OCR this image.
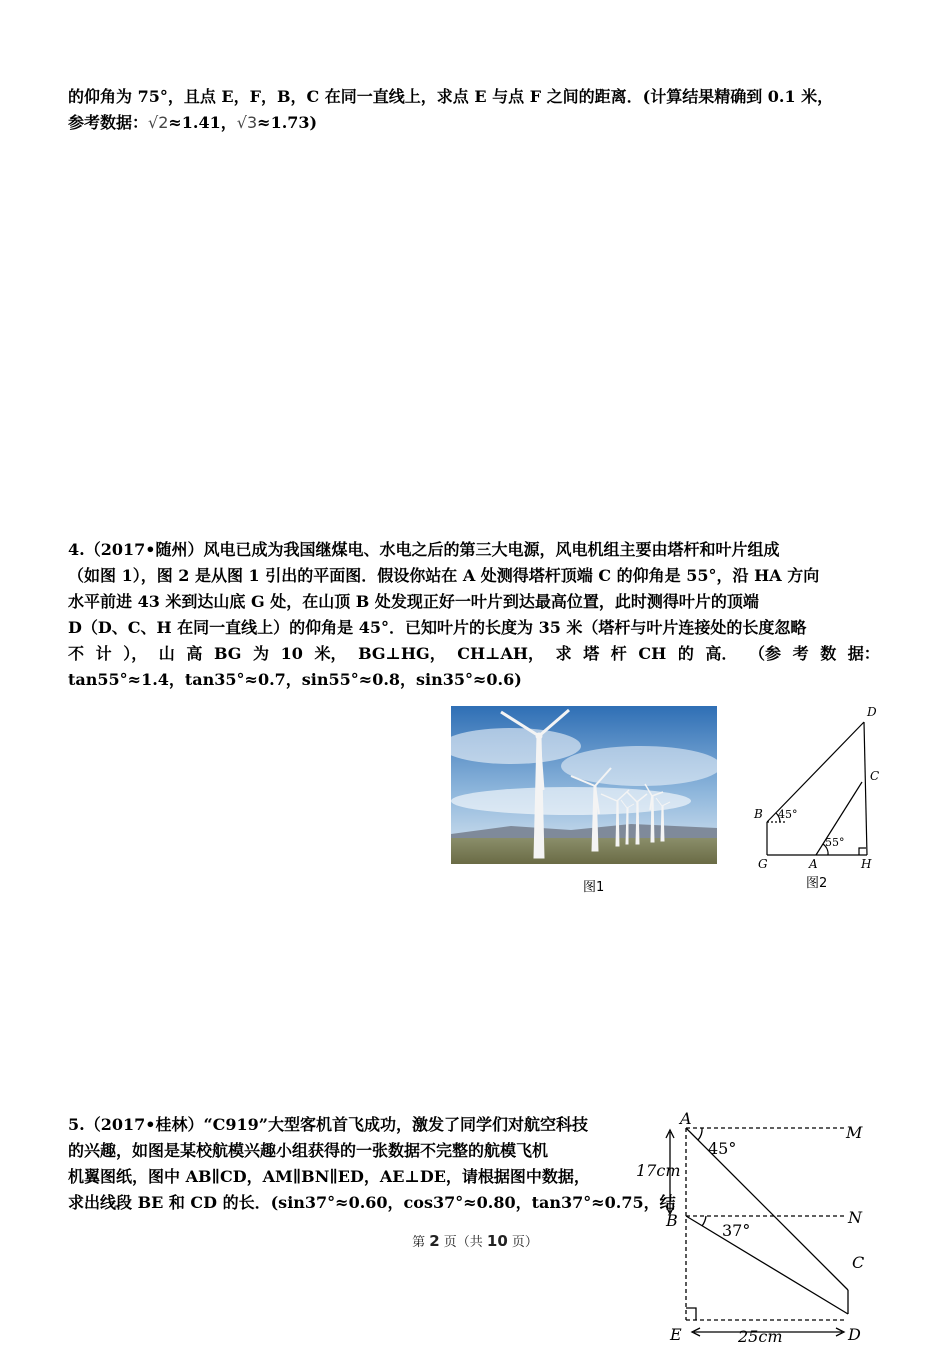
的仰角为 75°，且点 E，F，B，C 在同一直线上，求点 E 与点 F 之间的距离．(计算结果精确到 0.1 米，
参考数据：√2≈1.41，√3≈1.73)
4.（2017•随州）风电已成为我国继煤电、水电之后的第三大电源，风电机组主要由塔杆和叶片组成
（如图 1），图 2 是从图 1 引出的平面图．假设你站在 A 处测得塔杆顶端 C 的仰角是 55°，沿 HA 方向
水平前进 43 米到达山底 G 处，在山顶 B 处发现正好一叶片到达最高位置，此时测得叶片的顶端
D（D、C、H 在同一直线上）的仰角是 45°．已知叶片的长度为 35 米（塔杆与叶片连接处的长度忽略
不 计 ）， 山 高 BG 为 10 米， BG⊥HG， CH⊥AH， 求 塔 杆 CH 的 高． （参 考 数 据：
tan55°≈1.4，tan35°≈0.7，sin55°≈0.8，sin35°≈0.6)
图1
D
C
B
G	A	H
45°
55°
图2
5.（2017•桂林）“C919”大型客机首飞成功，激发了同学们对航空科技
的兴趣，如图是某校航模兴趣小组获得的一张数据不完整的航模飞机
机翼图纸，图中 AB∥CD，AM∥BN∥ED，AE⊥DE，请根据图中数据，
求出线段 BE 和 CD 的长．(sin37°≈0.60，cos37°≈0.80，tan37°≈0.75，结
A
M
B	N
C
D
E
17cm
25cm
45°
37°
第 2 页（共 10 页）
